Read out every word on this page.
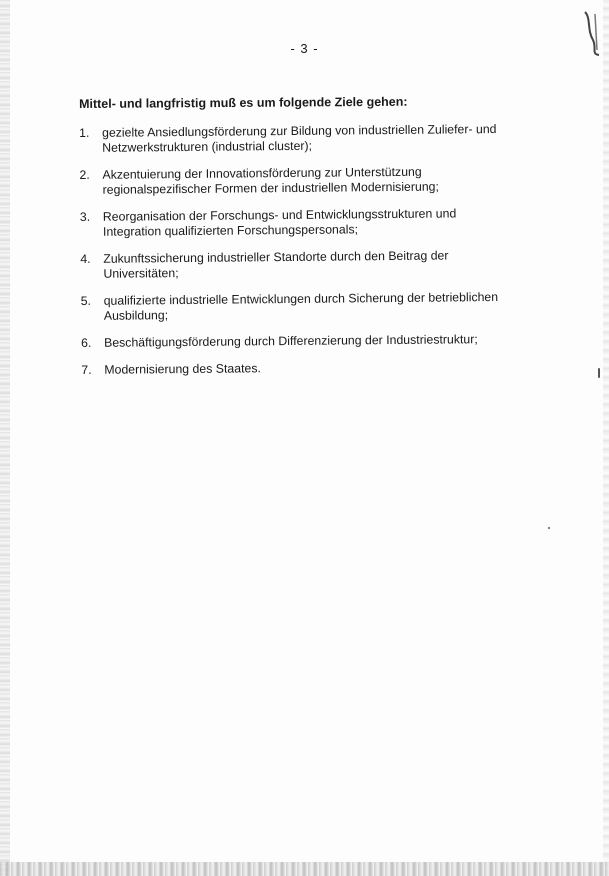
- 3 -
Mittel- und langfristig muß es um folgende Ziele gehen:
1. gezielte Ansiedlungsförderung zur Bildung von industriellen Zuliefer- und Netzwerkstrukturen (industrial cluster);
2. Akzentuierung der Innovationsförderung zur Unterstützung regionalspezifischer Formen der industriellen Modernisierung;
3. Reorganisation der Forschungs- und Entwicklungsstrukturen und Integration qualifizierten Forschungspersonals;
4. Zukunftssicherung industrieller Standorte durch den Beitrag der Universitäten;
5. qualifizierte industrielle Entwicklungen durch Sicherung der betrieblichen Ausbildung;
6. Beschäftigungsförderung durch Differenzierung der Industriestruktur;
7. Modernisierung des Staates.
